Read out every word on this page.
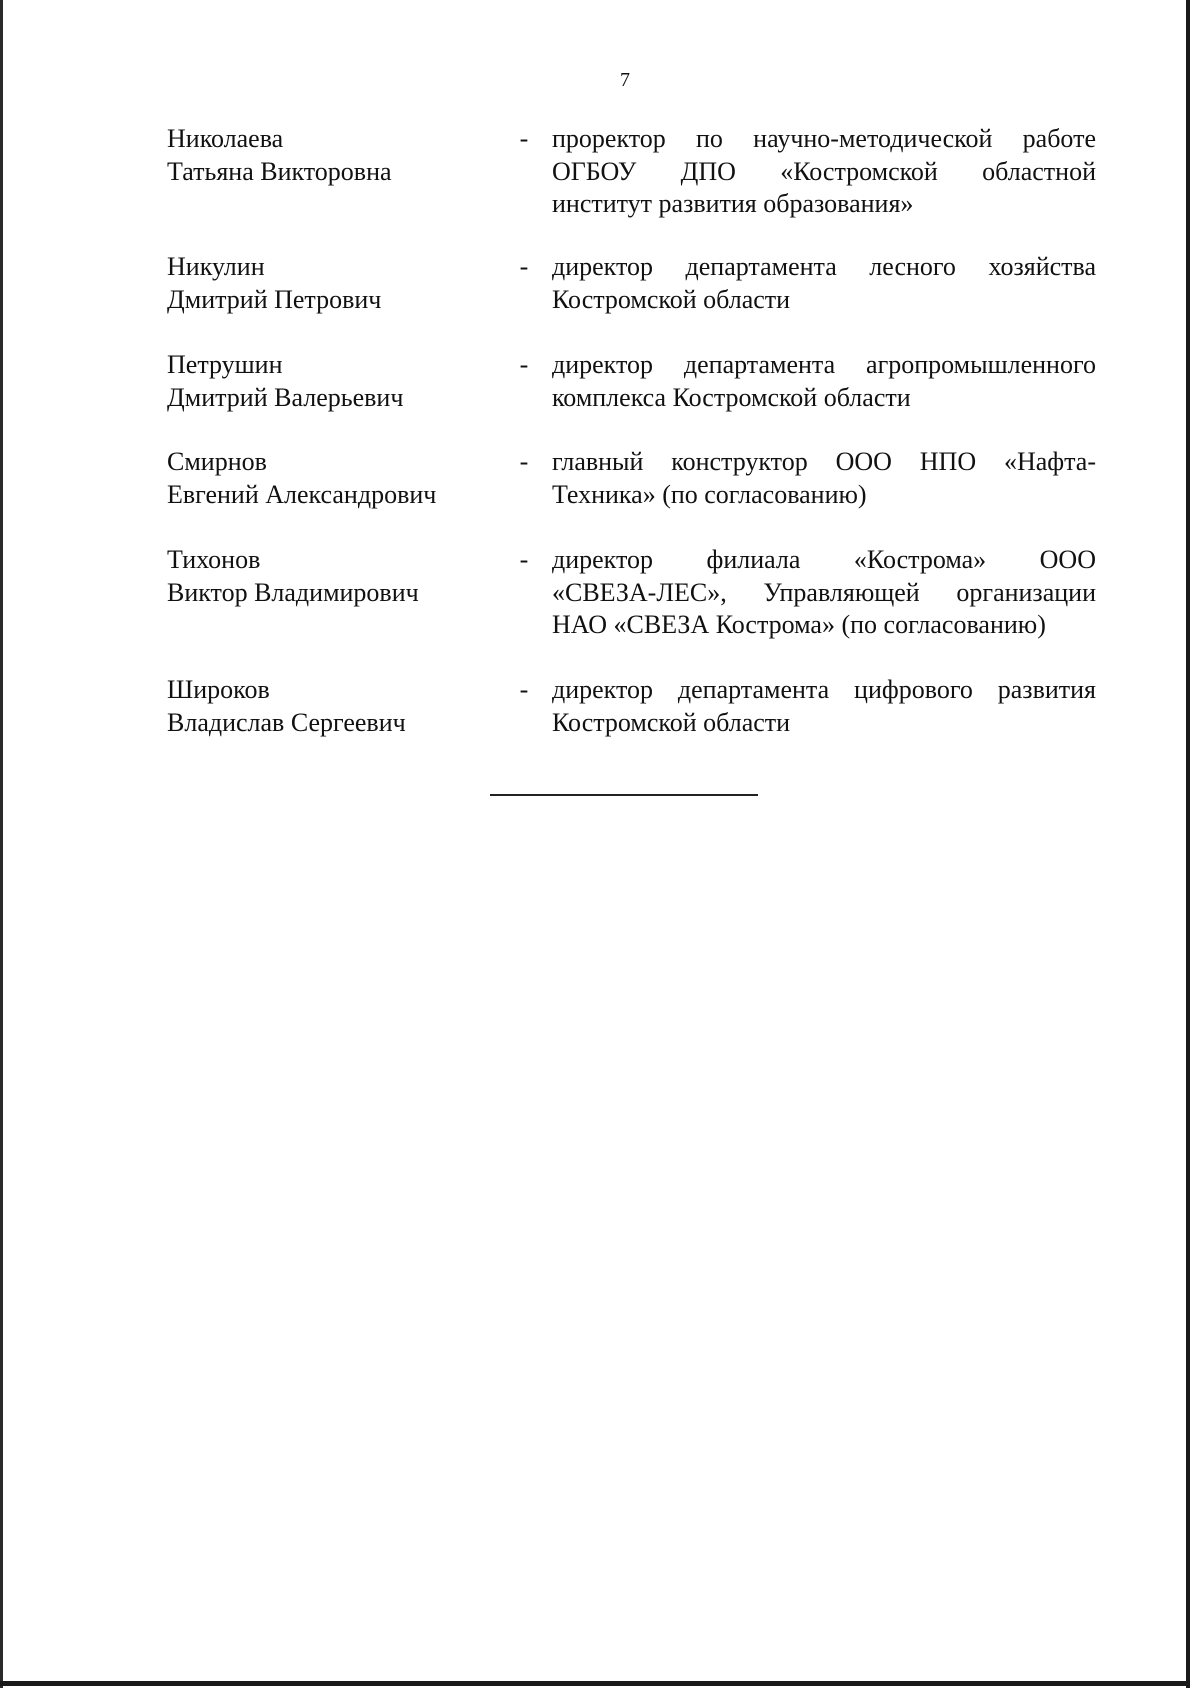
7
Николаева
Татьяна Викторовна
- проректор по научно-методической работе
ОГБОУ ДПО «Костромской областной
институт развития образования»
Никулин
Дмитрий Петрович
- директор департамента лесного хозяйства
Костромской области
Петрушин
Дмитрий Валерьевич
- директор департамента агропромышленного
комплекса Костромской области
Смирнов
Евгений Александрович
- главный конструктор ООО НПО «Нафта-
Техника» (по согласованию)
Тихонов
Виктор Владимирович
- директор филиала «Кострома» ООО
«СВЕЗА-ЛЕС», Управляющей организации
НАО «СВЕЗА Кострома» (по согласованию)
Широков
Владислав Сергеевич
- директор департамента цифрового развития
Костромской области
